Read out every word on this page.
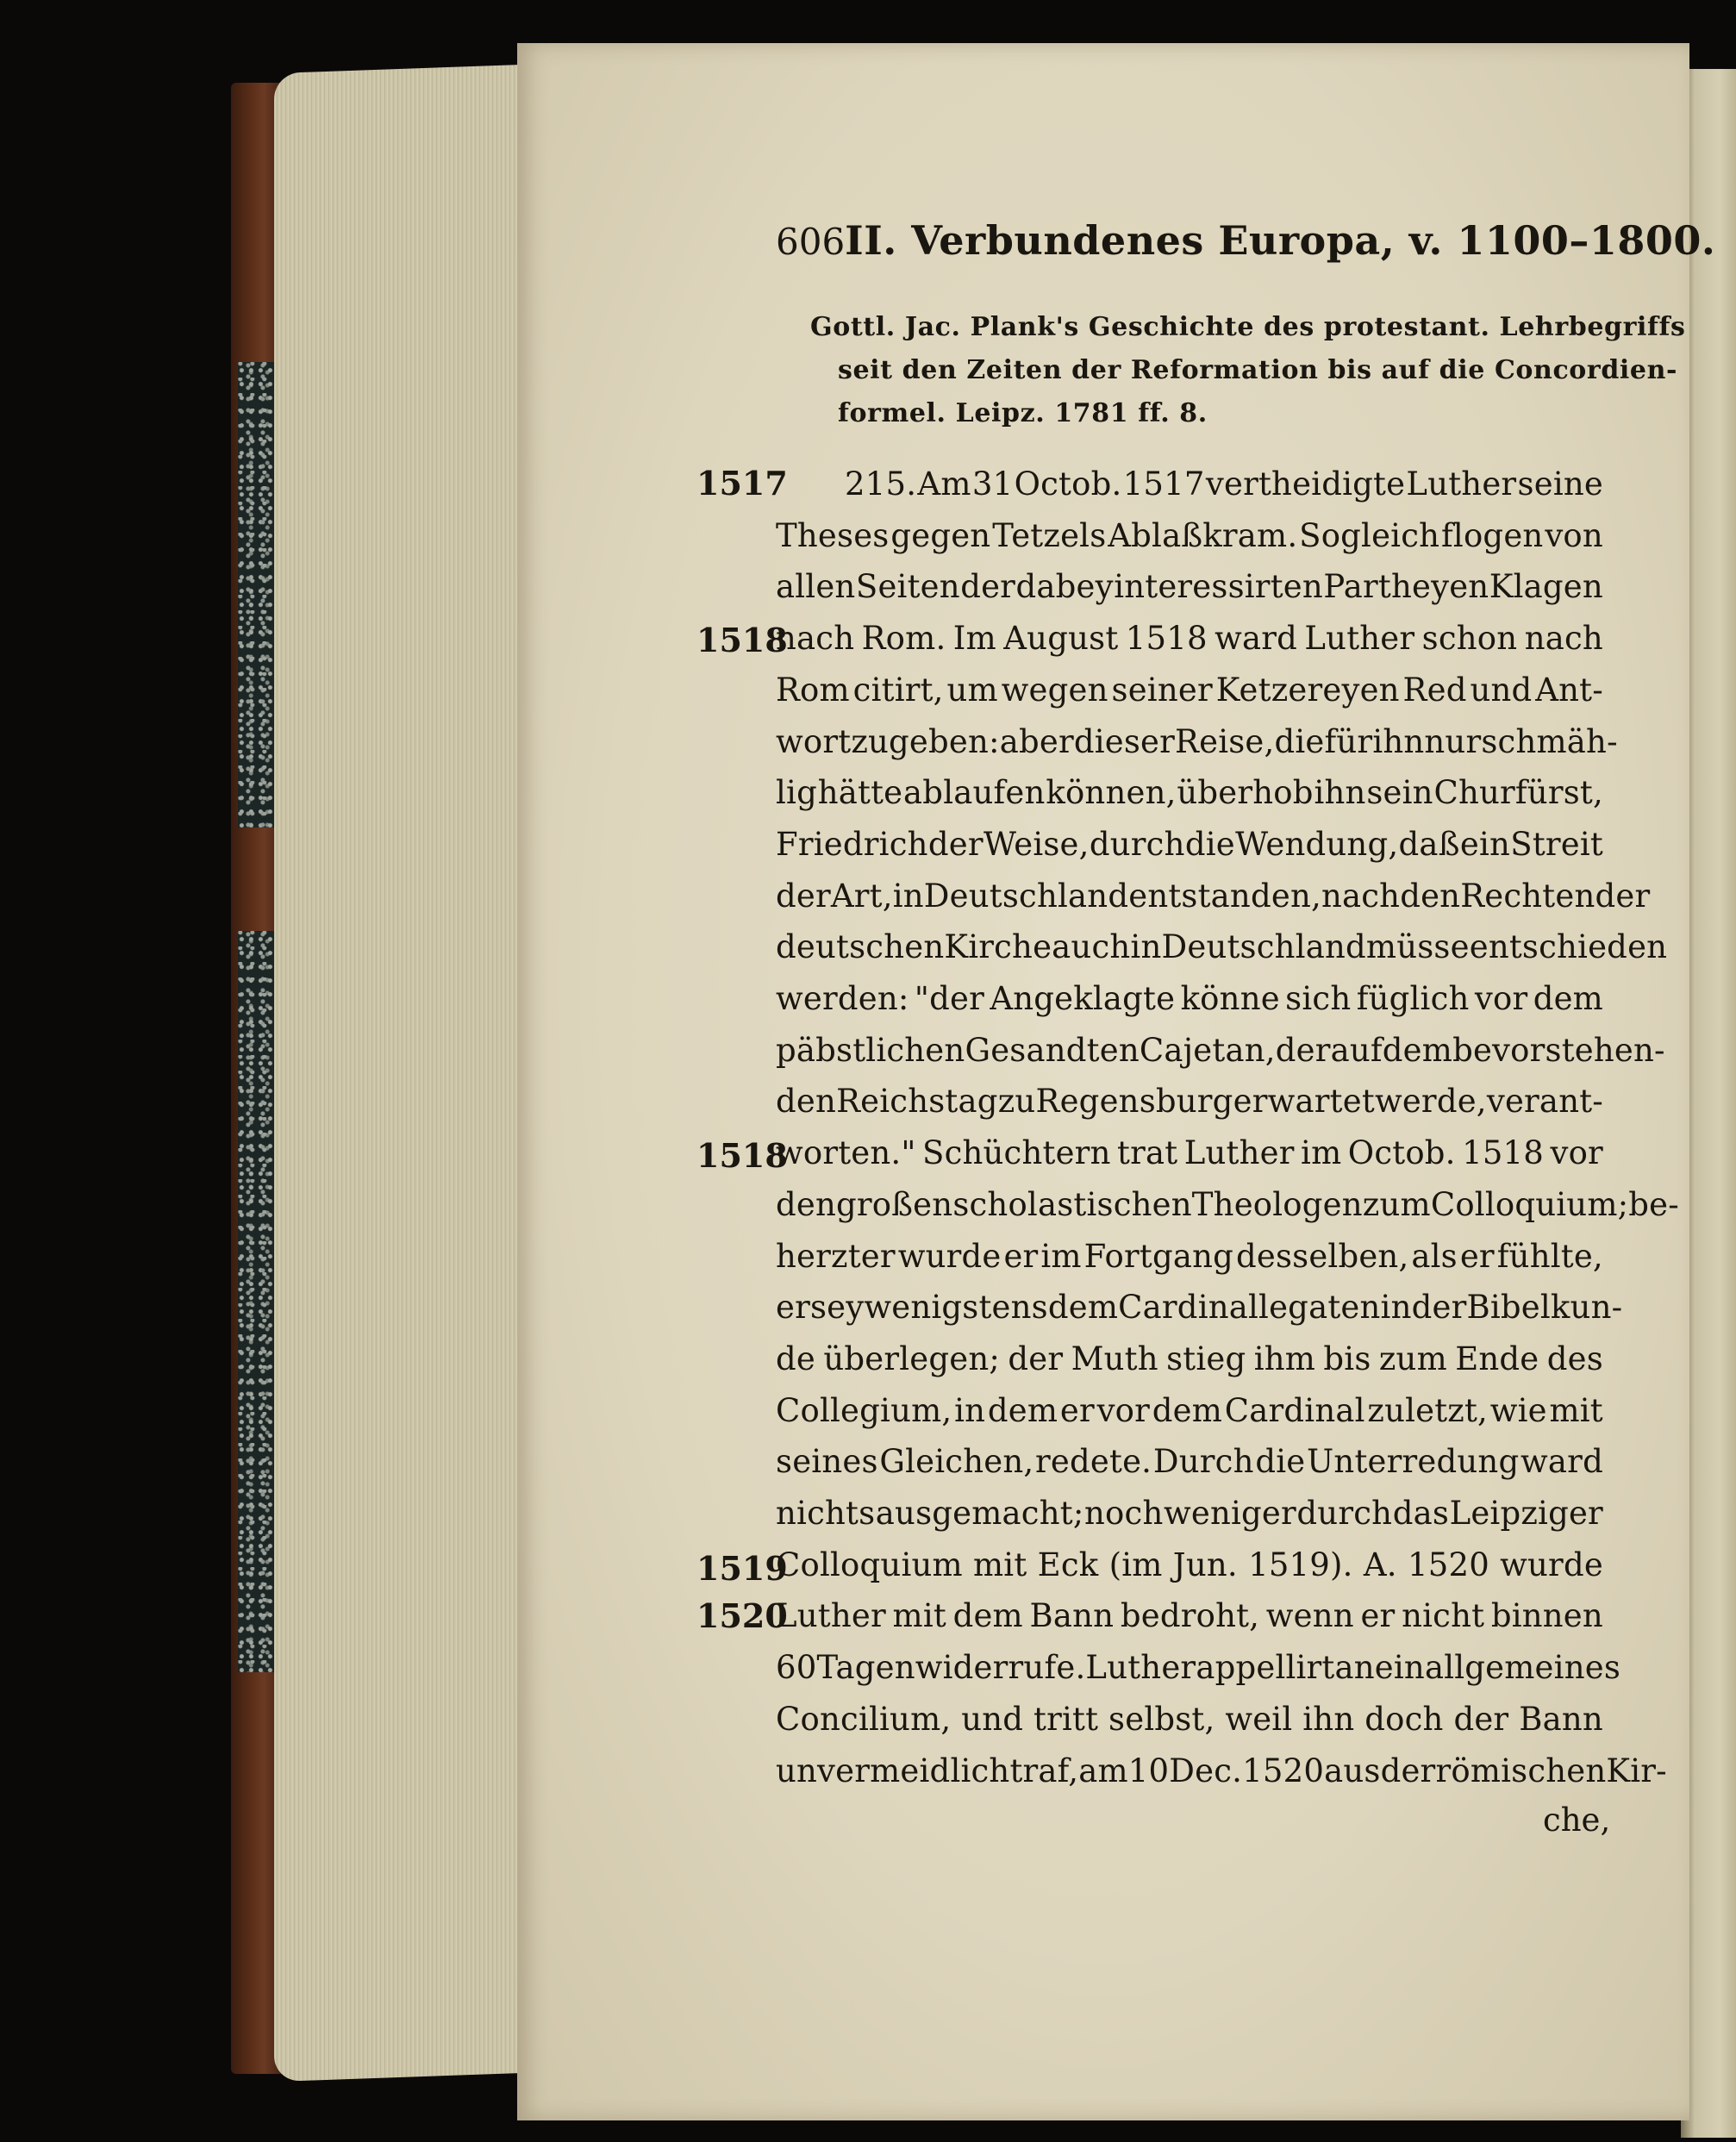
606 II. Verbundenes Europa, v. 1100–1800.
Gottl. Jac. Plank's Geschichte des protestant. Lehrbegriffs
seit den Zeiten der Reformation bis auf die Concordien-
formel. Leipz. 1781 ff. 8.
1517
1518
1518
1519
1520
215. Am 31 Octob. 1517 vertheidigte Luther seine
Theses gegen Tetzels Ablaßkram. Sogleich flogen von
allen Seiten der dabey interessirten Partheyen Klagen
nach Rom. Im August 1518 ward Luther schon nach
Rom citirt, um wegen seiner Ketzereyen Red und Ant-
wort zu geben: aber dieser Reise, die für ihn nur schmäh-
lig hätte ablaufen können, überhob ihn sein Churfürst,
Friedrich der Weise, durch die Wendung, daß ein Streit
der Art, in Deutschland entstanden, nach den Rechten der
deutschen Kirche auch in Deutschland müsse entschieden
werden: "der Angeklagte könne sich füglich vor dem
päbstlichen Gesandten Cajetan, der auf dem bevorstehen-
den Reichstag zu Regensburg erwartet werde, verant-
worten." Schüchtern trat Luther im Octob. 1518 vor
den großen scholastischen Theologen zum Colloquium; be-
herzter wurde er im Fortgang desselben, als er fühlte,
er sey wenigstens dem Cardinallegaten in der Bibelkun-
de überlegen; der Muth stieg ihm bis zum Ende des
Collegium, in dem er vor dem Cardinal zuletzt, wie mit
seines Gleichen, redete. Durch die Unterredung ward
nichts ausgemacht; noch weniger durch das Leipziger
Colloquium mit Eck (im Jun. 1519). A. 1520 wurde
Luther mit dem Bann bedroht, wenn er nicht binnen
60 Tagen widerrufe. Luther appellirt an ein allgemeines
Concilium, und tritt selbst, weil ihn doch der Bann
unvermeidlich traf, am 10 Dec. 1520 aus der römischen Kir-
che,
